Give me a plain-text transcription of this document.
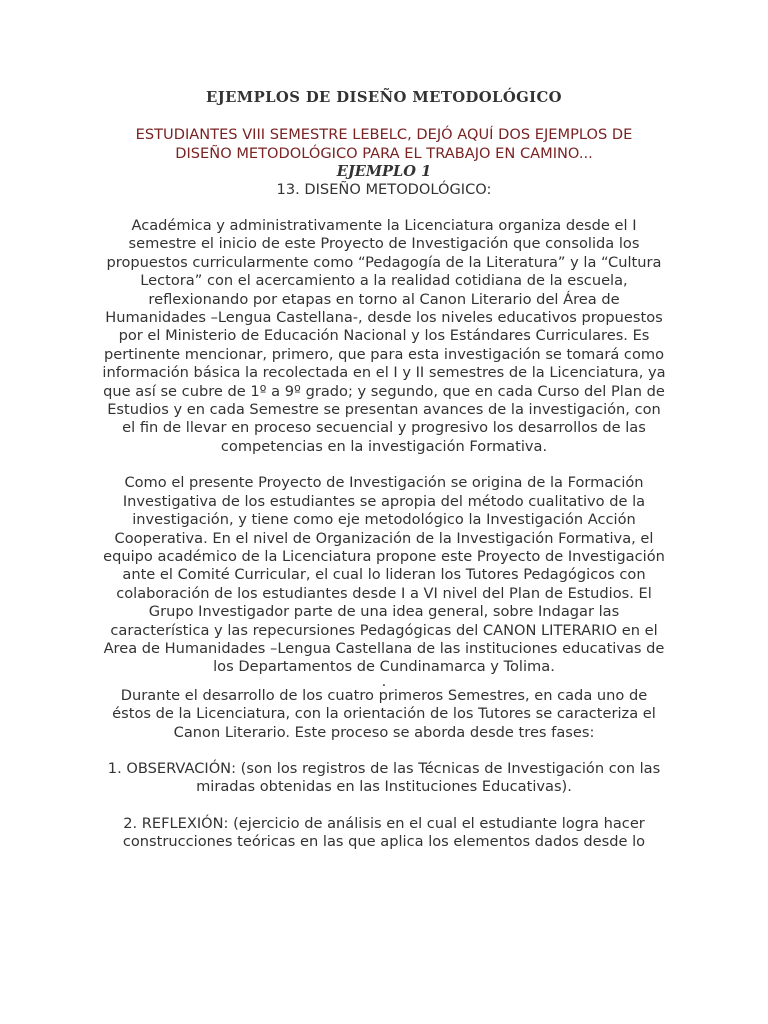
EJEMPLOS DE DISEÑO METODOLÓGICO
ESTUDIANTES VIII SEMESTRE LEBELC, DEJÓ AQUÍ DOS EJEMPLOS DE
DISEÑO METODOLÓGICO PARA EL TRABAJO EN CAMINO...
EJEMPLO 1
13. DISEÑO METODOLÓGICO:
Académica y administrativamente la Licenciatura organiza desde el I semestre el inicio de este Proyecto de Investigación que consolida los propuestos curricularmente como “Pedagogía de la Literatura” y la “Cultura Lectora” con el acercamiento a la realidad cotidiana de la escuela, reflexionando por etapas en torno al Canon Literario del Área de Humanidades –Lengua Castellana-, desde los niveles educativos propuestos por el Ministerio de Educación Nacional y los Estándares Curriculares. Es pertinente mencionar, primero, que para esta investigación se tomará como información básica la recolectada en el I y II semestres de la Licenciatura, ya que así se cubre de 1º a 9º grado; y segundo, que en cada Curso del Plan de Estudios y en cada Semestre se presentan avances de la investigación, con el fin de llevar en proceso secuencial y progresivo los desarrollos de las competencias en la investigación Formativa.
Como el presente Proyecto de Investigación se origina de la Formación Investigativa de los estudiantes se apropia del método cualitativo de la investigación, y tiene como eje metodológico la Investigación Acción Cooperativa. En el nivel de Organización de la Investigación Formativa, el equipo académico de la Licenciatura propone este Proyecto de Investigación ante el Comité Curricular, el cual lo lideran los Tutores Pedagógicos con colaboración de los estudiantes desde I a VI nivel del Plan de Estudios. El Grupo Investigador parte de una idea general, sobre Indagar las característica y las repecursiones Pedagógicas del CANON LITERARIO en el Area de Humanidades –Lengua Castellana de las instituciones educativas de los Departamentos de Cundinamarca y Tolima.
.
Durante el desarrollo de los cuatro primeros Semestres, en cada uno de éstos de la Licenciatura, con la orientación de los Tutores se caracteriza el Canon Literario. Este proceso se aborda desde tres fases:
1. OBSERVACIÓN: (son los registros de las Técnicas de Investigación con las miradas obtenidas en las Instituciones Educativas).
2. REFLEXIÓN: (ejercicio de análisis en el cual el estudiante logra hacer construcciones teóricas en las que aplica los elementos dados desde lo
